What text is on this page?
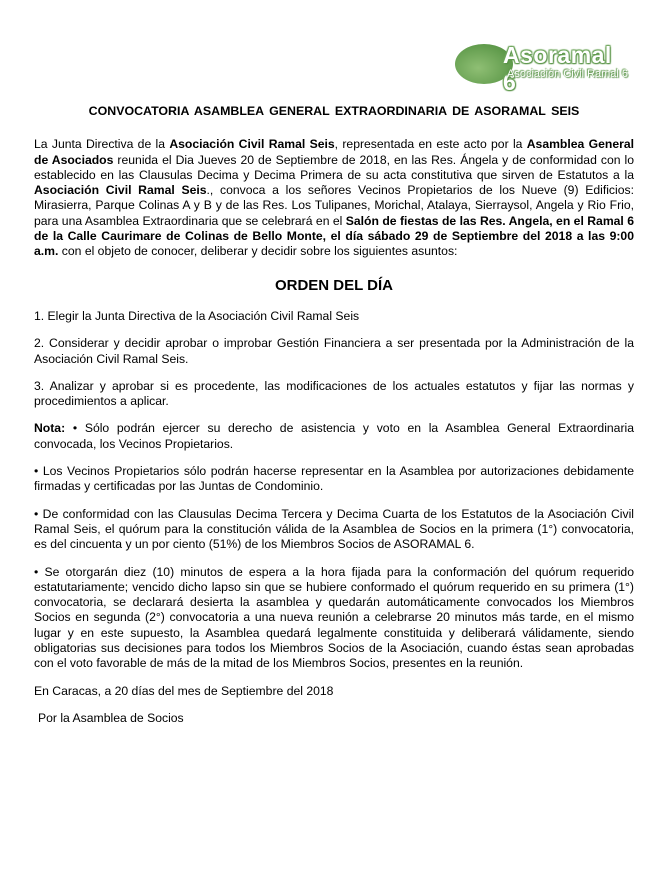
Asoramal 6
Asociación Civil Ramal 6
CONVOCATORIA ASAMBLEA GENERAL EXTRAORDINARIA DE ASORAMAL SEIS

La Junta Directiva de la Asociación Civil Ramal Seis, representada en este acto por la Asamblea General de Asociados reunida el Dia Jueves 20 de Septiembre de 2018, en las Res. Ángela y de conformidad con lo establecido en las Clausulas Decima y Decima Primera de su acta constitutiva que sirven de Estatutos a la Asociación Civil Ramal Seis., convoca a los señores Vecinos Propietarios de los Nueve (9) Edificios: Mirasierra, Parque Colinas A y B y de las Res. Los Tulipanes, Morichal, Atalaya, Sierraysol, Angela y Rio Frio, para una Asamblea Extraordinaria que se celebrará en el Salón de fiestas de las Res. Angela, en el Ramal 6 de la Calle Caurimare de Colinas de Bello Monte, el día sábado 29 de Septiembre del 2018 a las 9:00 a.m. con el objeto de conocer, deliberar y decidir sobre los siguientes asuntos:

ORDEN DEL DÍA

1. Elegir la Junta Directiva de la Asociación Civil Ramal Seis

2. Considerar y decidir aprobar o improbar Gestión Financiera a ser presentada por la Administración de la Asociación Civil Ramal Seis.

3. Analizar y aprobar si es procedente, las modificaciones de los actuales estatutos y fijar las normas y procedimientos a aplicar.

Nota: • Sólo podrán ejercer su derecho de asistencia y voto en la Asamblea General Extraordinaria convocada, los Vecinos Propietarios.

• Los Vecinos Propietarios sólo podrán hacerse representar en la Asamblea por autorizaciones debidamente firmadas y certificadas por las Juntas de Condominio.

• De conformidad con las Clausulas Decima Tercera y Decima Cuarta de los Estatutos de la Asociación Civil Ramal Seis, el quórum para la constitución válida de la Asamblea de Socios en la primera (1°) convocatoria, es del cincuenta y un por ciento (51%) de los Miembros Socios de ASORAMAL 6.

• Se otorgarán diez (10) minutos de espera a la hora fijada para la conformación del quórum requerido estatutariamente; vencido dicho lapso sin que se hubiere conformado el quórum requerido en su primera (1°) convocatoria, se declarará desierta la asamblea y quedarán automáticamente convocados los Miembros Socios en segunda (2°) convocatoria a una nueva reunión a celebrarse 20 minutos más tarde, en el mismo lugar y en este supuesto, la Asamblea quedará legalmente constituida y deliberará válidamente, siendo obligatorias sus decisiones para todos los Miembros Socios de la Asociación, cuando éstas sean aprobadas con el voto favorable de más de la mitad de los Miembros Socios, presentes en la reunión.

En Caracas, a 20 días del mes de Septiembre del 2018

Por la Asamblea de Socios
